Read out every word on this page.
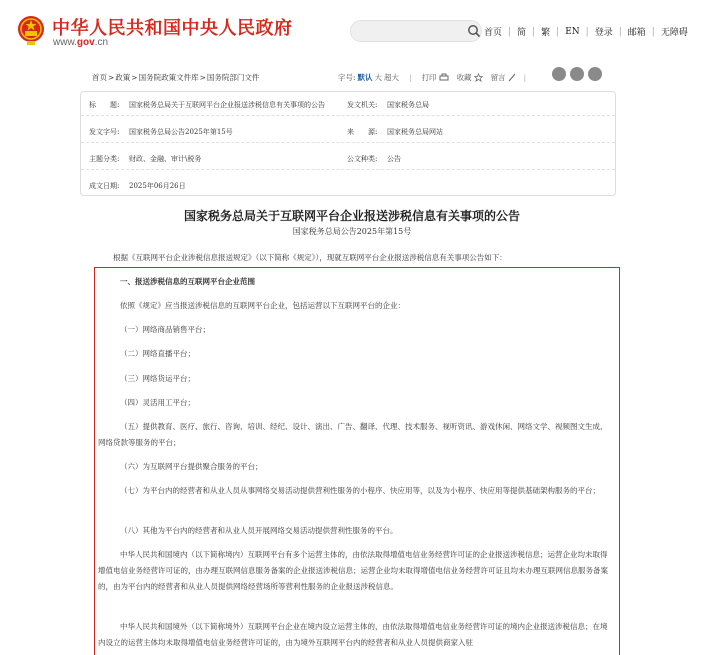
中华人民共和国中央人民政府
www.gov.cn
首页 | 简 | 繁 | EN | 登录 | 邮箱 | 无障碍
首页>政策>国务院政策文件库>国务院部门文件	字号: 默认 大 超大 | 打印	收藏	留言 |
标　　题: 国家税务总局关于互联网平台企业报送涉税信息有关事项的公告	发文机关: 国家税务总局
发文字号: 国家税务总局公告2025年第15号	来　　源: 国家税务总局网站
主题分类: 财政、金融、审计\税务	公文种类: 公告
成文日期: 2025年06月26日
国家税务总局关于互联网平台企业报送涉税信息有关事项的公告
国家税务总局公告2025年第15号
根据《互联网平台企业涉税信息报送规定》（以下简称《规定》），现就互联网平台企业报送涉税信息有关事项公告如下：
一、报送涉税信息的互联网平台企业范围
依照《规定》应当报送涉税信息的互联网平台企业，包括运营以下互联网平台的企业：
（一）网络商品销售平台；
（二）网络直播平台；
（三）网络货运平台；
（四）灵活用工平台；
（五）提供教育、医疗、旅行、咨询、培训、经纪、设计、演出、广告、翻译、代理、技术服务、视听资讯、游戏休闲、网络文学、视频图文生成、网络贷款等服务的平台；
（六）为互联网平台提供聚合服务的平台；
（七）为平台内的经营者和从业人员从事网络交易活动提供营利性服务的小程序、快应用等，以及为小程序、快应用等提供基础架构服务的平台；
（八）其他为平台内的经营者和从业人员开展网络交易活动提供营利性服务的平台。
中华人民共和国境内（以下简称境内）互联网平台有多个运营主体的，由依法取得增值电信业务经营许可证的企业报送涉税信息；运营企业均未取得增值电信业务经营许可证的，由办理互联网信息服务备案的企业报送涉税信息；运营企业均未取得增值电信业务经营许可证且均未办理互联网信息服务备案的，由为平台内的经营者和从业人员提供网络经营场所等营利性服务的企业报送涉税信息。
中华人民共和国境外（以下简称境外）互联网平台企业在境内设立运营主体的，由依法取得增值电信业务经营许可证的境内企业报送涉税信息；在境内设立的运营主体均未取得增值电信业务经营许可证的，由为境外互联网平台内的经营者和从业人员提供商家入驻
